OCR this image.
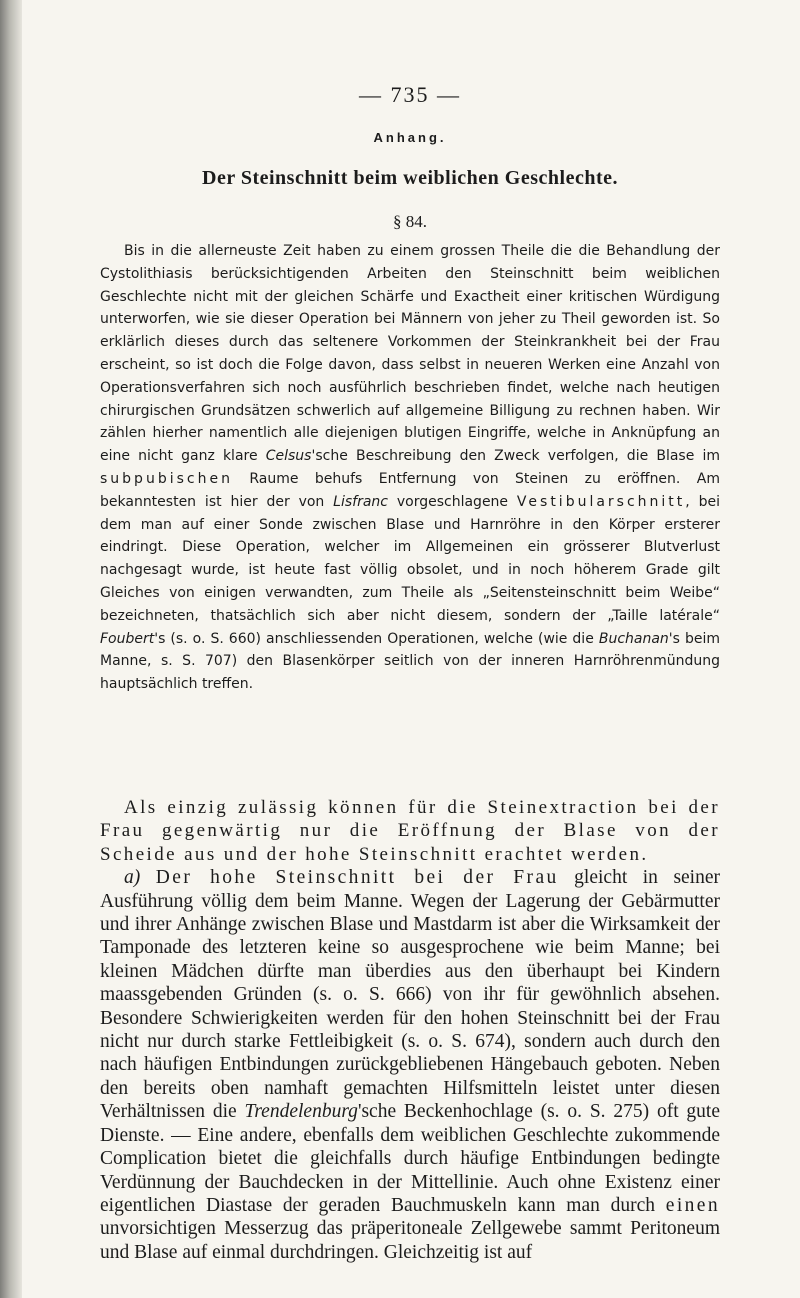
— 735 —
Anhang.
Der Steinschnitt beim weiblichen Geschlechte.
§ 84.

Bis in die allerneuste Zeit haben zu einem grossen Theile die die Behandlung der Cystolithiasis berücksichtigenden Arbeiten den Steinschnitt beim weiblichen Geschlechte nicht mit der gleichen Schärfe und Exactheit einer kritischen Würdigung unterworfen, wie sie dieser Operation bei Männern von jeher zu Theil geworden ist. So erklärlich dieses durch das seltenere Vorkommen der Steinkrankheit bei der Frau erscheint, so ist doch die Folge davon, dass selbst in neueren Werken eine Anzahl von Operationsverfahren sich noch ausführlich beschrieben findet, welche nach heutigen chirurgischen Grundsätzen schwerlich auf allgemeine Billigung zu rechnen haben. Wir zählen hierher namentlich alle diejenigen blutigen Eingriffe, welche in Anknüpfung an eine nicht ganz klare Celsus'sche Beschreibung den Zweck verfolgen, die Blase im subpubischen Raume behufs Entfernung von Steinen zu eröffnen. Am bekanntesten ist hier der von Lisfranc vorgeschlagene Vestibularschnitt, bei dem man auf einer Sonde zwischen Blase und Harnröhre in den Körper ersterer eindringt. Diese Operation, welcher im Allgemeinen ein grösserer Blutverlust nachgesagt wurde, ist heute fast völlig obsolet, und in noch höherem Grade gilt Gleiches von einigen verwandten, zum Theile als „Seitensteinschnitt beim Weibe“ bezeichneten, thatsächlich sich aber nicht diesem, sondern der „Taille latérale“ Foubert's (s. o. S. 660) anschliessenden Operationen, welche (wie die Buchanan's beim Manne, s. S. 707) den Blasenkörper seitlich von der inneren Harnröhrenmündung hauptsächlich treffen.

Als einzig zulässig können für die Steinextraction bei der Frau gegenwärtig nur die Eröffnung der Blase von der Scheide aus und der hohe Steinschnitt erachtet werden.

a) Der hohe Steinschnitt bei der Frau gleicht in seiner Ausführung völlig dem beim Manne. Wegen der Lagerung der Gebärmutter und ihrer Anhänge zwischen Blase und Mastdarm ist aber die Wirksamkeit der Tamponade des letzteren keine so ausgesprochene wie beim Manne; bei kleinen Mädchen dürfte man überdies aus den überhaupt bei Kindern maassgebenden Gründen (s. o. S. 666) von ihr für gewöhnlich absehen. Besondere Schwierigkeiten werden für den hohen Steinschnitt bei der Frau nicht nur durch starke Fettleibigkeit (s. o. S. 674), sondern auch durch den nach häufigen Entbindungen zurückgebliebenen Hängebauch geboten. Neben den bereits oben namhaft gemachten Hilfsmitteln leistet unter diesen Verhältnissen die Trendelenburg'sche Beckenhochlage (s. o. S. 275) oft gute Dienste. — Eine andere, ebenfalls dem weiblichen Geschlechte zukommende Complication bietet die gleichfalls durch häufige Entbindungen bedingte Verdünnung der Bauchdecken in der Mittellinie. Auch ohne Existenz einer eigentlichen Diastase der geraden Bauchmuskeln kann man durch einen unvorsichtigen Messerzug das präperitoneale Zellgewebe sammt Peritoneum und Blase auf einmal durchdringen. Gleichzeitig ist auf
